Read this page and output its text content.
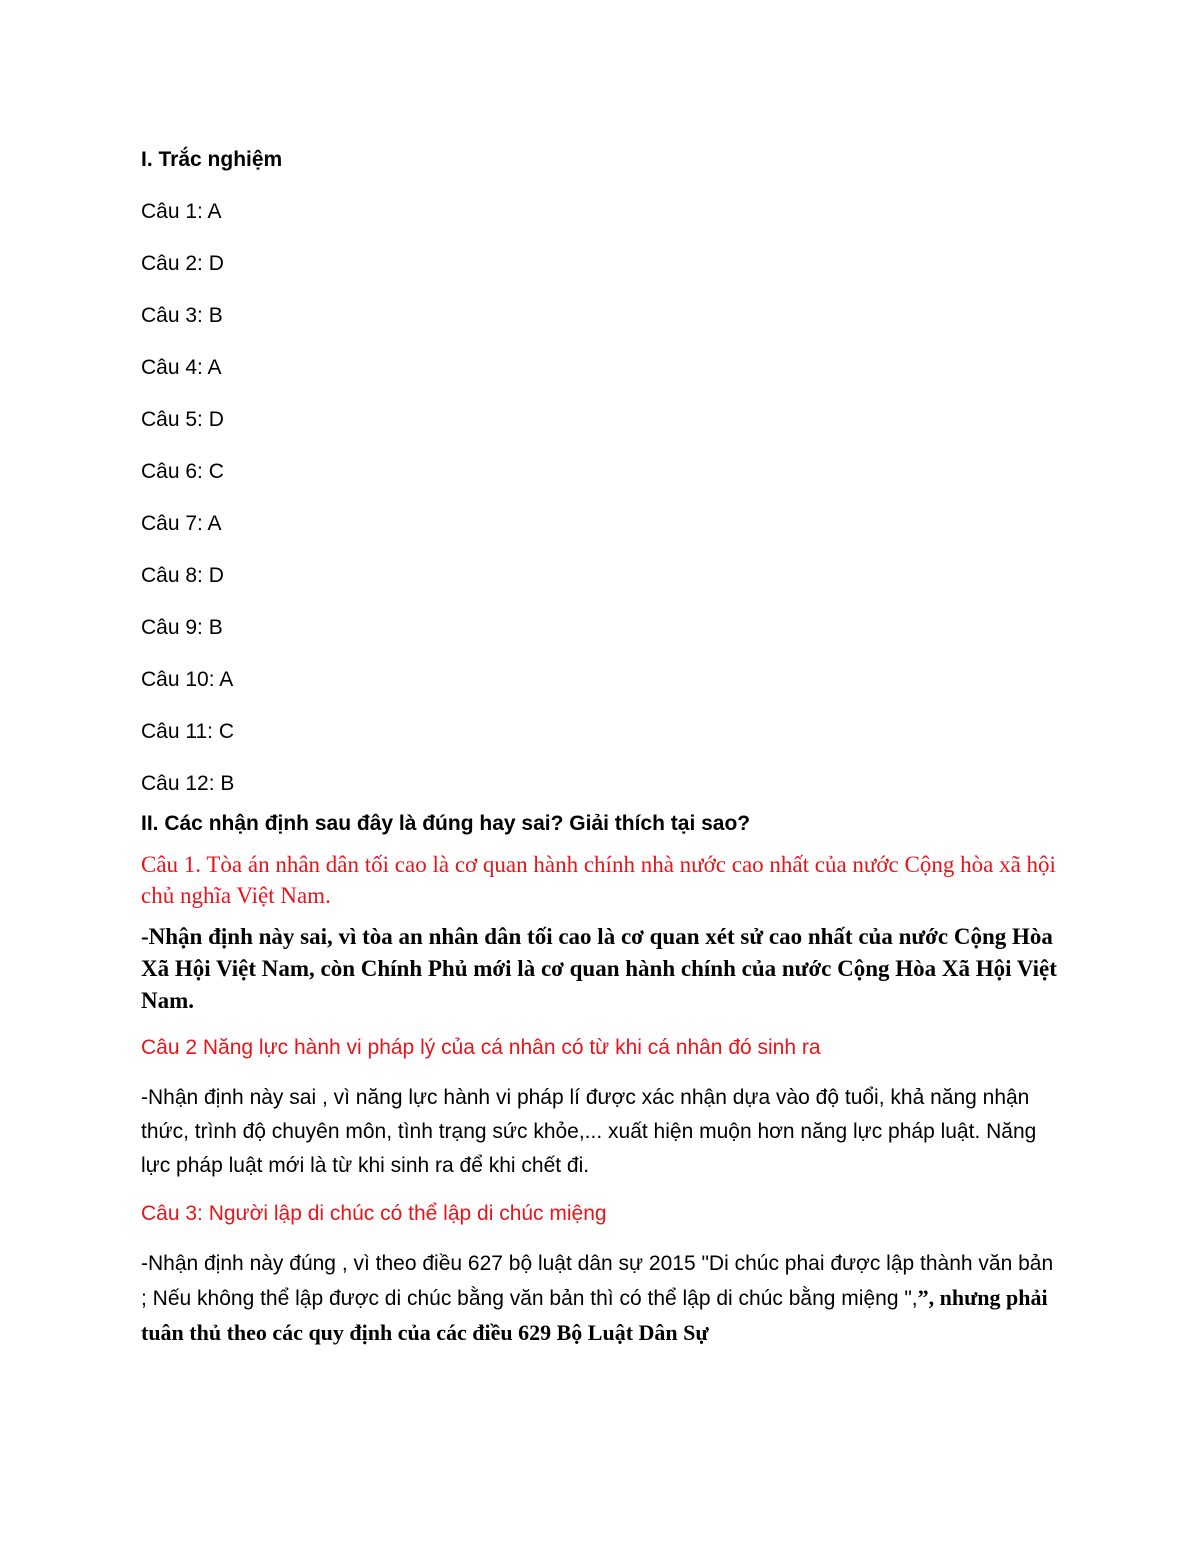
I. Trắc nghiệm

Câu 1: A

Câu 2: D

Câu 3: B

Câu 4: A

Câu 5: D

Câu 6: C

Câu 7: A

Câu 8: D

Câu 9: B

Câu 10: A

Câu 11: C

Câu 12: B

II. Các nhận định sau đây là đúng hay sai? Giải thích tại sao?

Câu 1. Tòa án nhân dân tối cao là cơ quan hành chính nhà nước cao nhất của nước Cộng hòa xã hội chủ nghĩa Việt Nam.

-Nhận định này sai, vì tòa an nhân dân tối cao là cơ quan xét sử cao nhất của nước Cộng Hòa Xã Hội Việt Nam, còn Chính Phủ mới là cơ quan hành chính của nước Cộng Hòa Xã Hội Việt Nam.

Câu 2 Năng lực hành vi pháp lý của cá nhân có từ khi cá nhân đó sinh ra

-Nhận định này sai , vì năng lực hành vi pháp lí được xác nhận dựa vào độ tuổi, khả năng nhận thức, trình độ chuyên môn, tình trạng sức khỏe,... xuất hiện muộn hơn năng lực pháp luật. Năng lực pháp luật mới là từ khi sinh ra để khi chết đi.

Câu 3: Người lập di chúc có thể lập di chúc miệng

-Nhận định này đúng , vì theo điều 627 bộ luật dân sự 2015 "Di chúc phai được lập thành văn bản ; Nếu không thể lập được di chúc bằng văn bản thì có thể lập di chúc bằng miệng ",”, nhưng phải tuân thủ theo các quy định của các điều 629 Bộ Luật Dân Sự
